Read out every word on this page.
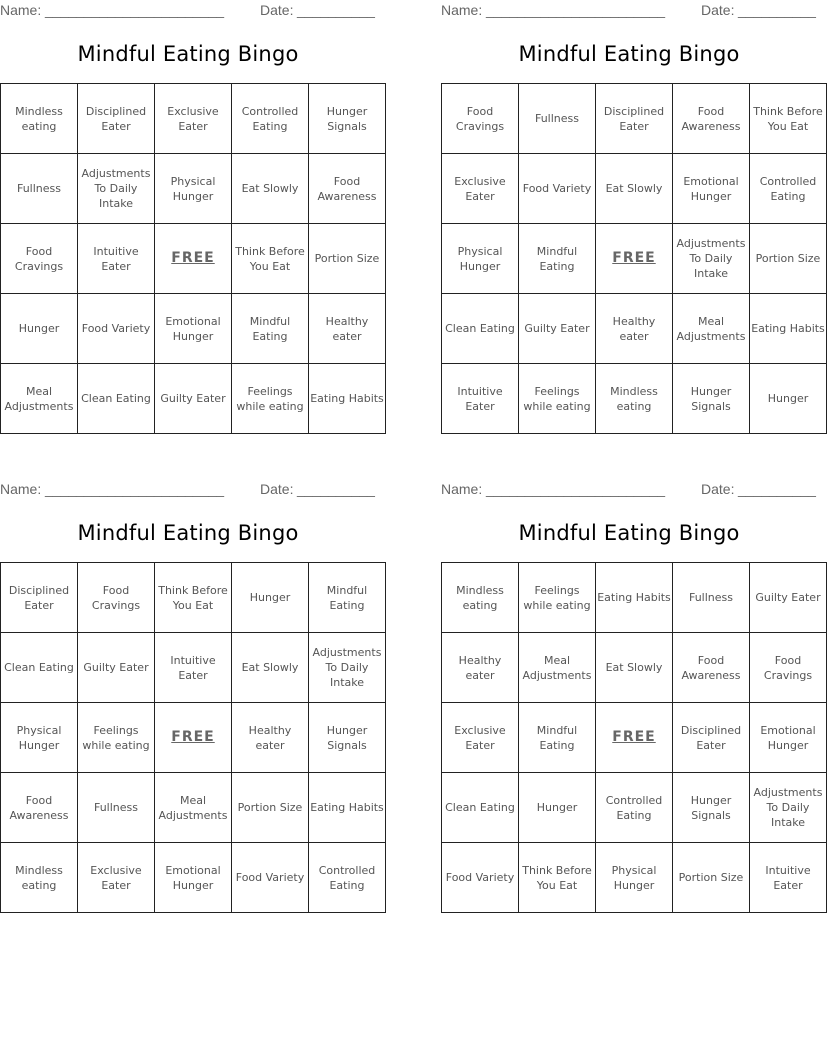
Name: _______________________	Date: __________
Mindful Eating Bingo
Mindless eating	Disciplined Eater	Exclusive Eater	Controlled Eating	Hunger Signals
Fullness	Adjustments To Daily Intake	Physical Hunger	Eat Slowly	Food Awareness
Food Cravings	Intuitive Eater	FREE	Think Before You Eat	Portion Size
Hunger	Food Variety	Emotional Hunger	Mindful Eating	Healthy eater
Meal Adjustments	Clean Eating	Guilty Eater	Feelings while eating	Eating Habits
Name: _______________________	Date: __________
Mindful Eating Bingo
Food Cravings	Fullness	Disciplined Eater	Food Awareness	Think Before You Eat
Exclusive Eater	Food Variety	Eat Slowly	Emotional Hunger	Controlled Eating
Physical Hunger	Mindful Eating	FREE	Adjustments To Daily Intake	Portion Size
Clean Eating	Guilty Eater	Healthy eater	Meal Adjustments	Eating Habits
Intuitive Eater	Feelings while eating	Mindless eating	Hunger Signals	Hunger
Name: _______________________	Date: __________
Mindful Eating Bingo
Disciplined Eater	Food Cravings	Think Before You Eat	Hunger	Mindful Eating
Clean Eating	Guilty Eater	Intuitive Eater	Eat Slowly	Adjustments To Daily Intake
Physical Hunger	Feelings while eating	FREE	Healthy eater	Hunger Signals
Food Awareness	Fullness	Meal Adjustments	Portion Size	Eating Habits
Mindless eating	Exclusive Eater	Emotional Hunger	Food Variety	Controlled Eating
Name: _______________________	Date: __________
Mindful Eating Bingo
Mindless eating	Feelings while eating	Eating Habits	Fullness	Guilty Eater
Healthy eater	Meal Adjustments	Eat Slowly	Food Awareness	Food Cravings
Exclusive Eater	Mindful Eating	FREE	Disciplined Eater	Emotional Hunger
Clean Eating	Hunger	Controlled Eating	Hunger Signals	Adjustments To Daily Intake
Food Variety	Think Before You Eat	Physical Hunger	Portion Size	Intuitive Eater
